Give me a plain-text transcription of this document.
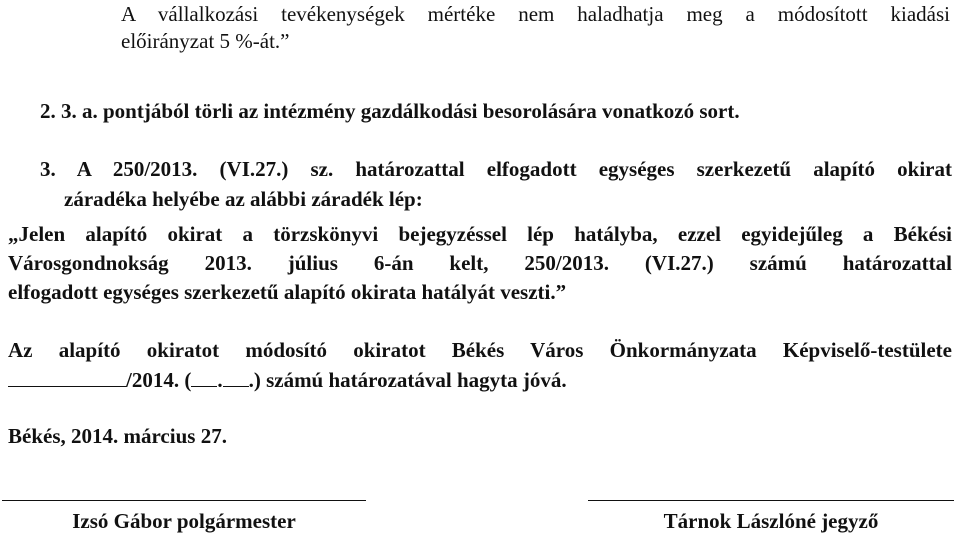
A vállalkozási tevékenységek mértéke nem haladhatja meg a módosított kiadási
előirányzat 5 %-át.”
2. 3. a. pontjából törli az intézmény gazdálkodási besorolására vonatkozó sort.
3. A 250/2013. (VI.27.) sz. határozattal elfogadott egységes szerkezetű alapító okirat
záradéka helyébe az alábbi záradék lép:
„Jelen alapító okirat a törzskönyvi bejegyzéssel lép hatályba, ezzel egyidejűleg a Békési
Városgondnokság 2013. július 6-án kelt, 250/2013. (VI.27.) számú határozattal
elfogadott egységes szerkezetű alapító okirata hatályát veszti.”
Az alapító okiratot módosító okiratot Békés Város Önkormányzata Képviselő-testülete
/2014. ( . .) számú határozatával hagyta jóvá.
Békés, 2014. március 27.
Izsó Gábor polgármester	Tárnok Lászlóné jegyző
